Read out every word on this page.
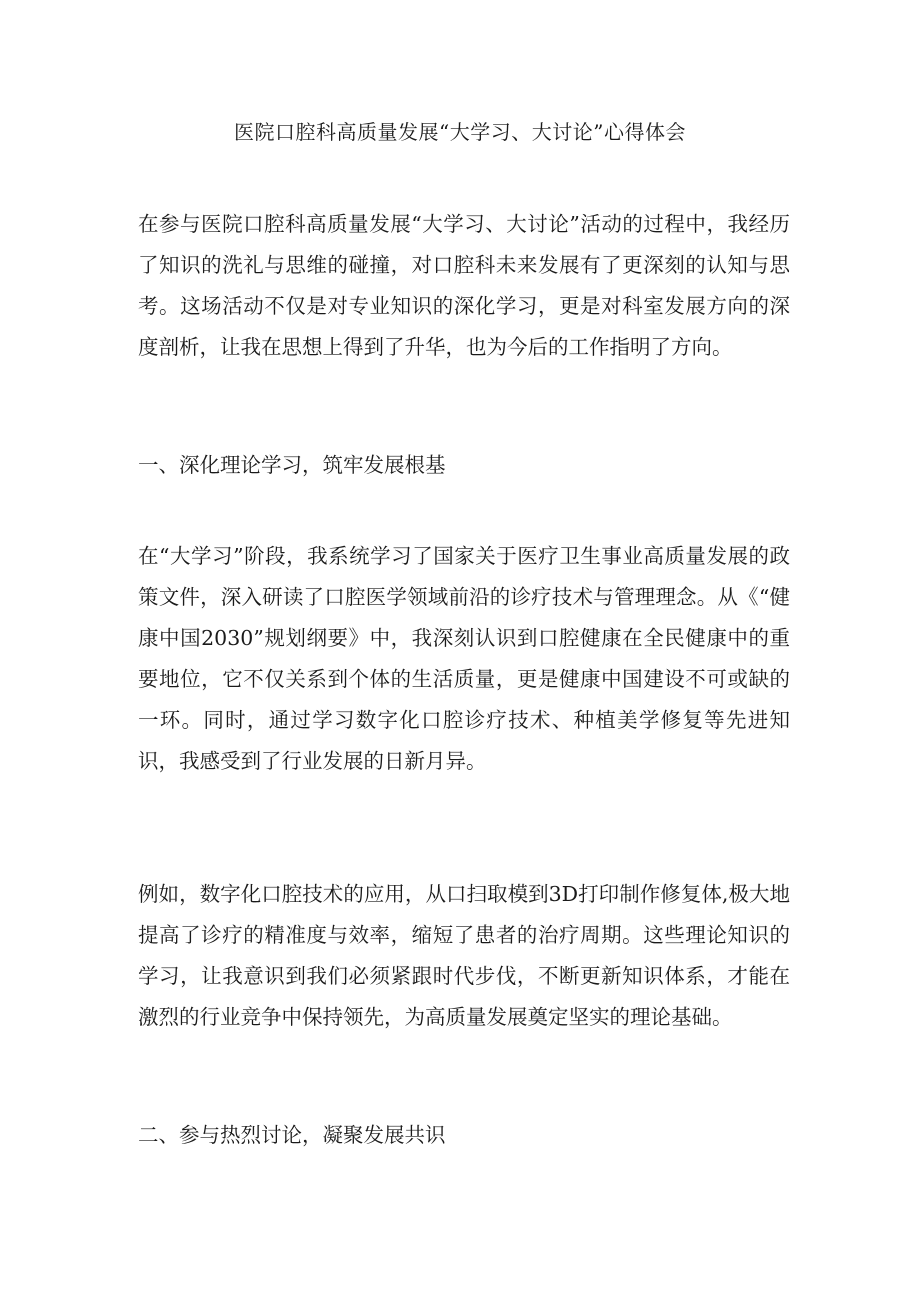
医院口腔科高质量发展“大学习、大讨论”心得体会

在参与医院口腔科高质量发展“大学习、大讨论”活动的过程中，我经历了知识的洗礼与思维的碰撞，对口腔科未来发展有了更深刻的认知与思考。这场活动不仅是对专业知识的深化学习，更是对科室发展方向的深度剖析，让我在思想上得到了升华，也为今后的工作指明了方向。

一、深化理论学习，筑牢发展根基

在“大学习”阶段，我系统学习了国家关于医疗卫生事业高质量发展的政策文件，深入研读了口腔医学领域前沿的诊疗技术与管理理念。从《“健康中国2030”规划纲要》中，我深刻认识到口腔健康在全民健康中的重要地位，它不仅关系到个体的生活质量，更是健康中国建设不可或缺的一环。同时，通过学习数字化口腔诊疗技术、种植美学修复等先进知识，我感受到了行业发展的日新月异。

例如，数字化口腔技术的应用，从口扫取模到3D打印制作修复体,极大地提高了诊疗的精准度与效率，缩短了患者的治疗周期。这些理论知识的学习，让我意识到我们必须紧跟时代步伐，不断更新知识体系，才能在激烈的行业竞争中保持领先，为高质量发展奠定坚实的理论基础。

二、参与热烈讨论，凝聚发展共识
